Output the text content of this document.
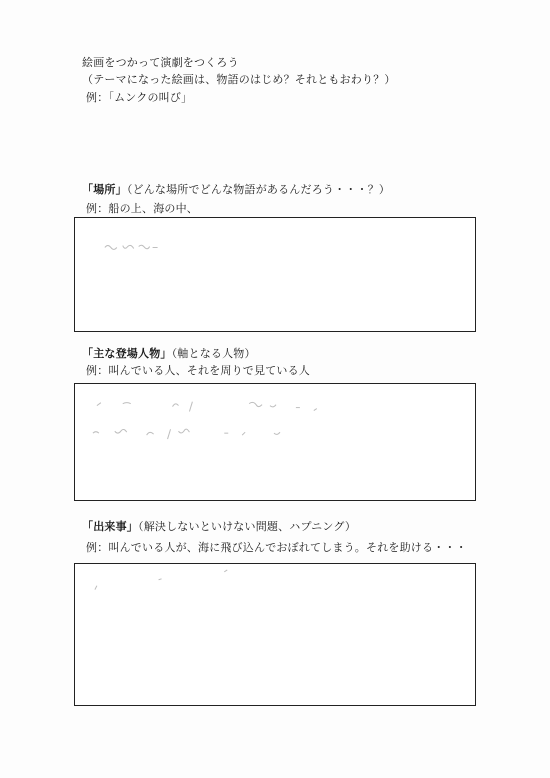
絵画をつかって演劇をつくろう
（テーマになった絵画は、物語のはじめ？それともおわり？）
例：「ムンクの叫び」
「場所」（どんな場所でどんな物語があるんだろう・・・？）
例：船の上、海の中、
「主な登場人物」（軸となる人物）
例：叫んでいる人、それを周りで見ている人
「出来事」（解決しないといけない問題、ハプニング）
例：叫んでいる人が、海に飛び込んでおぼれてしまう。それを助ける・・・
